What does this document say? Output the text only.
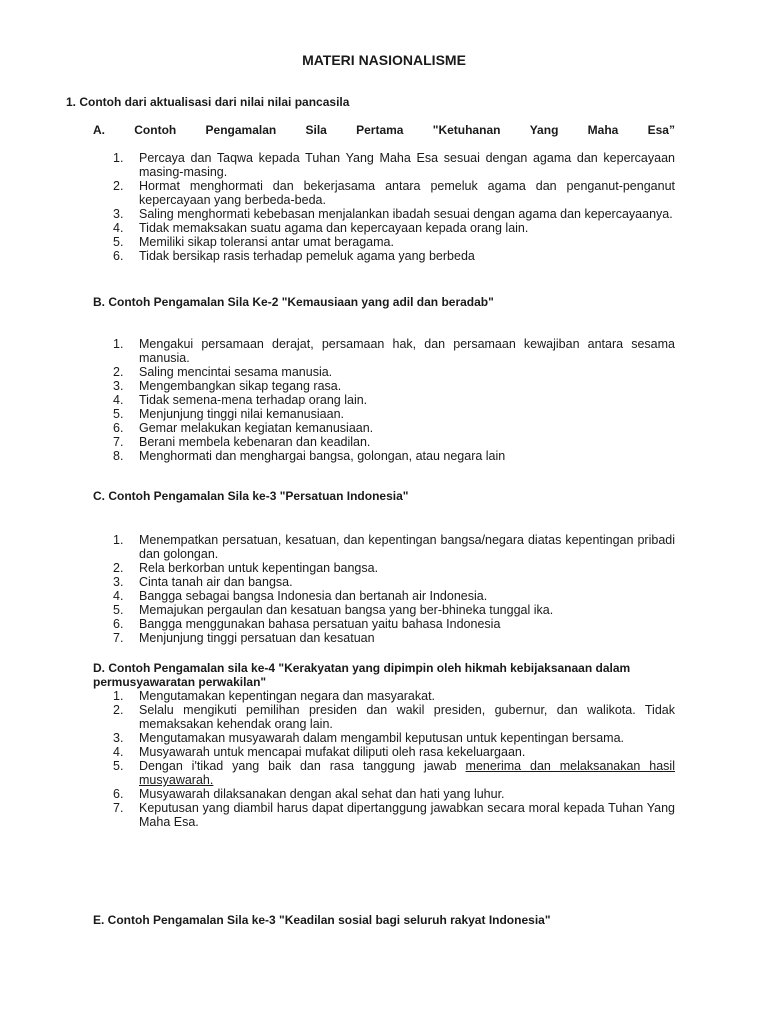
MATERI NASIONALISME
1. Contoh dari aktualisasi dari nilai nilai pancasila
A. Contoh Pengamalan Sila Pertama "Ketuhanan Yang Maha Esa”
1. Percaya dan Taqwa kepada Tuhan Yang Maha Esa sesuai dengan agama dan kepercayaan masing-masing.
2. Hormat menghormati dan bekerjasama antara pemeluk agama dan penganut-penganut kepercayaan yang berbeda-beda.
3. Saling menghormati kebebasan menjalankan ibadah sesuai dengan agama dan kepercayaanya.
4. Tidak memaksakan suatu agama dan kepercayaan kepada orang lain.
5. Memiliki sikap toleransi antar umat beragama.
6. Tidak bersikap rasis terhadap pemeluk agama yang berbeda
B. Contoh Pengamalan Sila Ke-2 "Kemausiaan yang adil dan beradab"
1. Mengakui persamaan derajat, persamaan hak, dan persamaan kewajiban antara sesama manusia.
2. Saling mencintai sesama manusia.
3. Mengembangkan sikap tegang rasa.
4. Tidak semena-mena terhadap orang lain.
5. Menjunjung tinggi nilai kemanusiaan.
6. Gemar melakukan kegiatan kemanusiaan.
7. Berani membela kebenaran dan keadilan.
8. Menghormati dan menghargai bangsa, golongan, atau negara lain
C. Contoh Pengamalan Sila ke-3 "Persatuan Indonesia"
1. Menempatkan persatuan, kesatuan, dan kepentingan bangsa/negara diatas kepentingan pribadi dan golongan.
2. Rela berkorban untuk kepentingan bangsa.
3. Cinta tanah air dan bangsa.
4. Bangga sebagai bangsa Indonesia dan bertanah air Indonesia.
5. Memajukan pergaulan dan kesatuan bangsa yang ber-bhineka tunggal ika.
6. Bangga menggunakan bahasa persatuan yaitu bahasa Indonesia
7. Menjunjung tinggi persatuan dan kesatuan
D. Contoh Pengamalan sila ke-4 "Kerakyatan yang dipimpin oleh hikmah kebijaksanaan dalam permusyawaratan perwakilan"
1. Mengutamakan kepentingan negara dan masyarakat.
2. Selalu mengikuti pemilihan presiden dan wakil presiden, gubernur, dan walikota. Tidak memaksakan kehendak orang lain.
3. Mengutamakan musyawarah dalam mengambil keputusan untuk kepentingan bersama.
4. Musyawarah untuk mencapai mufakat diliputi oleh rasa kekeluargaan.
5. Dengan i'tikad yang baik dan rasa tanggung jawab menerima dan melaksanakan hasil musyawarah.
6. Musyawarah dilaksanakan dengan akal sehat dan hati yang luhur.
7. Keputusan yang diambil harus dapat dipertanggung jawabkan secara moral kepada Tuhan Yang Maha Esa.
E. Contoh Pengamalan Sila ke-3 "Keadilan sosial bagi seluruh rakyat Indonesia"
